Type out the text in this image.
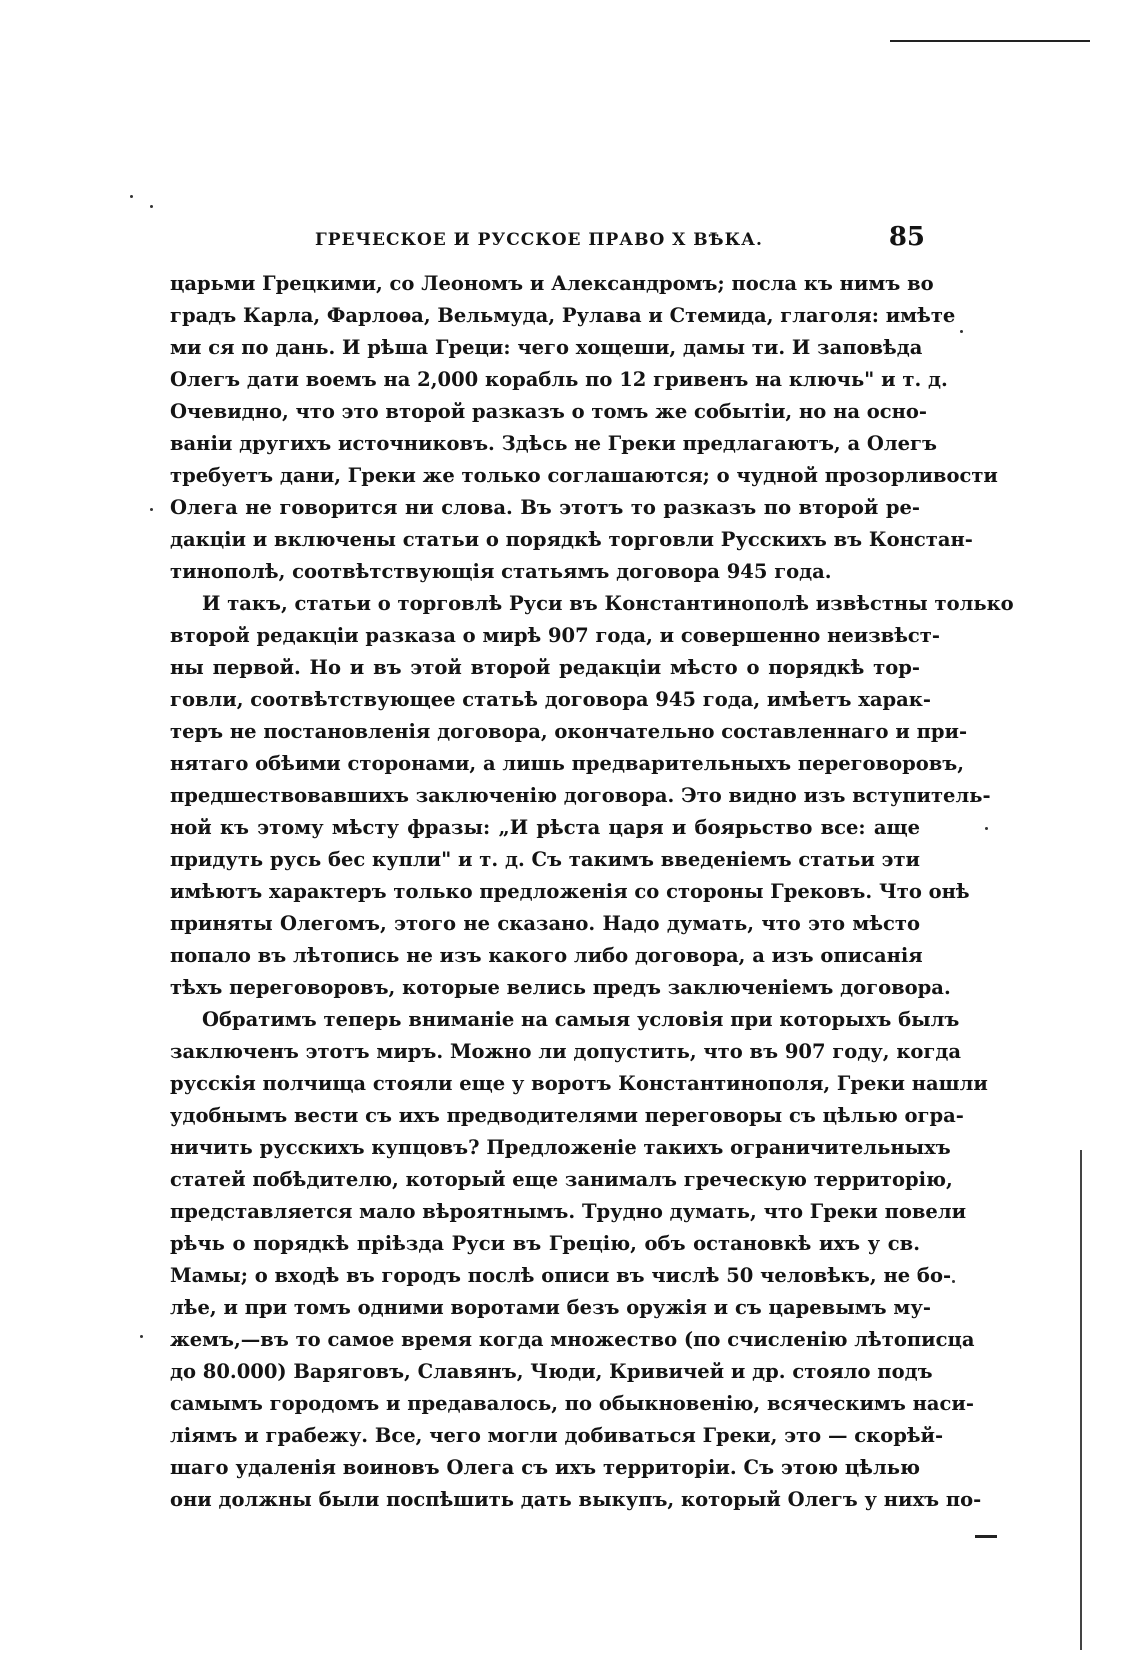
ГРЕЧЕСКОЕ И РУССКОЕ ПРАВО X ВѢКА.	85
царьми Грецкими, со Леономъ и Александромъ; посла къ нимъ во
градъ Карла, Фарлоѳа, Вельмуда, Рулава и Стемида, глаголя: имѣте
ми ся по дань. И рѣша Греци: чего хощеши, дамы ти. И заповѣда
Олегъ дати воемъ на 2,000 корабль по 12 гривенъ на ключь" и т. д.
Очевидно, что это второй разказъ о томъ же событіи, но на осно-
ваніи другихъ источниковъ. Здѣсь не Греки предлагаютъ, а Олегъ
требуетъ дани, Греки же только соглашаются; о чудной прозорливости
Олега не говорится ни слова. Въ этотъ то разказъ по второй ре-
дакціи и включены статьи о порядкѣ торговли Русскихъ въ Констан-
тинополѣ, соотвѣтствующія статьямъ договора 945 года.
И такъ, статьи о торговлѣ Руси въ Константинополѣ извѣстны только
второй редакціи разказа о мирѣ 907 года, и совершенно неизвѣст-
ны первой. Но и въ этой второй редакціи мѣсто о порядкѣ тор-
говли, соотвѣтствующее статьѣ договора 945 года, имѣетъ харак-
теръ не постановленія договора, окончательно составленнаго и при-
нятаго обѣими сторонами, а лишь предварительныхъ переговоровъ,
предшествовавшихъ заключенію договора. Это видно изъ вступитель-
ной къ этому мѣсту фразы: „И рѣста царя и боярьство все: аще
придуть русь бес купли" и т. д. Съ такимъ введеніемъ статьи эти
имѣютъ характеръ только предложенія со стороны Грековъ. Что онѣ
приняты Олегомъ, этого не сказано. Надо думать, что это мѣсто
попало въ лѣтопись не изъ какого либо договора, а изъ описанія
тѣхъ переговоровъ, которые велись предъ заключеніемъ договора.
Обратимъ теперь вниманіе на самыя условія при которыхъ былъ
заключенъ этотъ миръ. Можно ли допустить, что въ 907 году, когда
русскія полчища стояли еще у воротъ Константинополя, Греки нашли
удобнымъ вести съ ихъ предводителями переговоры съ цѣлью огра-
ничить русскихъ купцовъ? Предложеніе такихъ ограничительныхъ
статей побѣдителю, который еще занималъ греческую территорію,
представляется мало вѣроятнымъ. Трудно думать, что Греки повели
рѣчь о порядкѣ пріѣзда Руси въ Грецію, объ остановкѣ ихъ у св.
Мамы; о входѣ въ городъ послѣ описи въ числѣ 50 человѣкъ, не бо-
лѣе, и при томъ одними воротами безъ оружія и съ царевымъ му-
жемъ,—въ то самое время когда множество (по счисленію лѣтописца
до 80.000) Варяговъ, Славянъ, Чюди, Кривичей и др. стояло подъ
самымъ городомъ и предавалось, по обыкновенію, всяческимъ наси-
ліямъ и грабежу. Все, чего могли добиваться Греки, это — скорѣй-
шаго удаленія воиновъ Олега съ ихъ территоріи. Съ этою цѣлью
они должны были поспѣшить дать выкупъ, который Олегъ у нихъ по-
